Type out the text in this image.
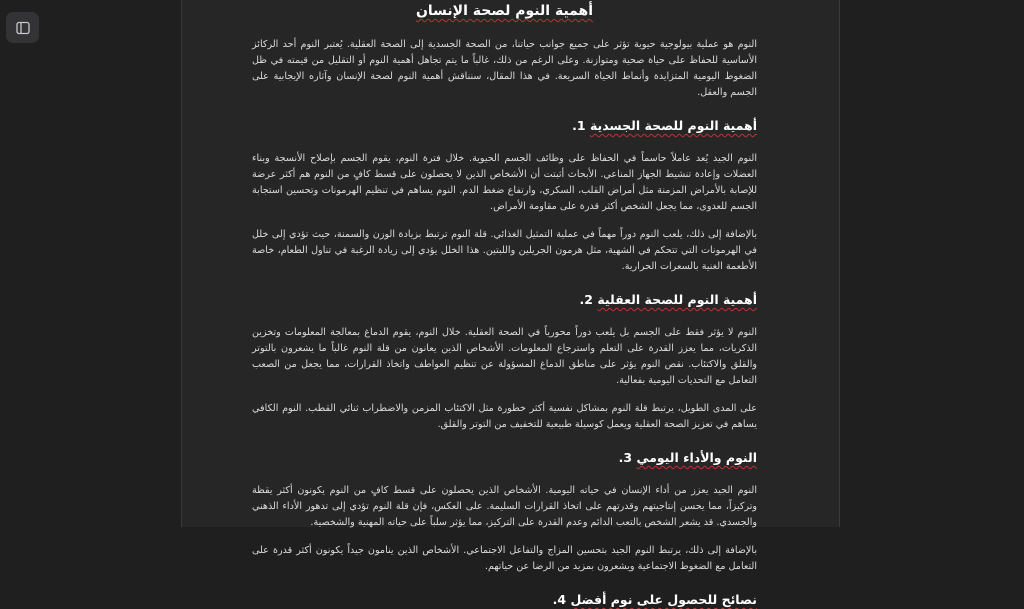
أهمية النوم لصحة الإنسان

النوم هو عملية بيولوجية حيوية تؤثر على جميع جوانب حياتنا، من الصحة الجسدية إلى الصحة العقلية. يُعتبر النوم أحد الركائز الأساسية للحفاظ على حياة صحية ومتوازنة. وعلى الرغم من ذلك، غالباً ما يتم تجاهل أهمية النوم أو التقليل من قيمته في ظل الضغوط اليومية المتزايدة وأنماط الحياة السريعة. في هذا المقال، سنناقش أهمية النوم لصحة الإنسان وآثاره الإيجابية على الجسم والعقل.

أهمية النوم للصحة الجسدية 1.

النوم الجيد يُعد عاملاً حاسماً في الحفاظ على وظائف الجسم الحيوية. خلال فترة النوم، يقوم الجسم بإصلاح الأنسجة وبناء العضلات وإعادة تنشيط الجهاز المناعي. الأبحاث أثبتت أن الأشخاص الذين لا يحصلون على قسط كافٍ من النوم هم أكثر عرضة للإصابة بالأمراض المزمنة مثل أمراض القلب، السكري، وارتفاع ضغط الدم. النوم يساهم في تنظيم الهرمونات وتحسين استجابة الجسم للعدوى، مما يجعل الشخص أكثر قدرة على مقاومة الأمراض.

بالإضافة إلى ذلك، يلعب النوم دوراً مهماً في عملية التمثيل الغذائي. قلة النوم ترتبط بزيادة الوزن والسمنة، حيث تؤدي إلى خلل في الهرمونات التي تتحكم في الشهية، مثل هرمون الجريلين واللبتين. هذا الخلل يؤدي إلى زيادة الرغبة في تناول الطعام، خاصة الأطعمة الغنية بالسعرات الحرارية.

أهمية النوم للصحة العقلية 2.

النوم لا يؤثر فقط على الجسم بل يلعب دوراً محورياً في الصحة العقلية. خلال النوم، يقوم الدماغ بمعالجة المعلومات وتخزين الذكريات، مما يعزز القدرة على التعلم واسترجاع المعلومات. الأشخاص الذين يعانون من قلة النوم غالباً ما يشعرون بالتوتر والقلق والاكتئاب. نقص النوم يؤثر على مناطق الدماغ المسؤولة عن تنظيم العواطف واتخاذ القرارات، مما يجعل من الصعب التعامل مع التحديات اليومية بفعالية.

على المدى الطويل، يرتبط قلة النوم بمشاكل نفسية أكثر خطورة مثل الاكتئاب المزمن والاضطراب ثنائي القطب. النوم الكافي يساهم في تعزيز الصحة العقلية ويعمل كوسيلة طبيعية للتخفيف من التوتر والقلق.

النوم والأداء اليومي 3.

النوم الجيد يعزز من أداء الإنسان في حياته اليومية. الأشخاص الذين يحصلون على قسط كافٍ من النوم يكونون أكثر يقظة وتركيزاً، مما يحسن إنتاجيتهم وقدرتهم على اتخاذ القرارات السليمة. على العكس، فإن قلة النوم تؤدي إلى تدهور الأداء الذهني والجسدي. قد يشعر الشخص بالتعب الدائم وعدم القدرة على التركيز، مما يؤثر سلباً على حياته المهنية والشخصية.

بالإضافة إلى ذلك، يرتبط النوم الجيد بتحسين المزاج والتفاعل الاجتماعي. الأشخاص الذين ينامون جيداً يكونون أكثر قدرة على التعامل مع الضغوط الاجتماعية ويشعرون بمزيد من الرضا عن حياتهم.

نصائح للحصول على نوم أفضل 4.
